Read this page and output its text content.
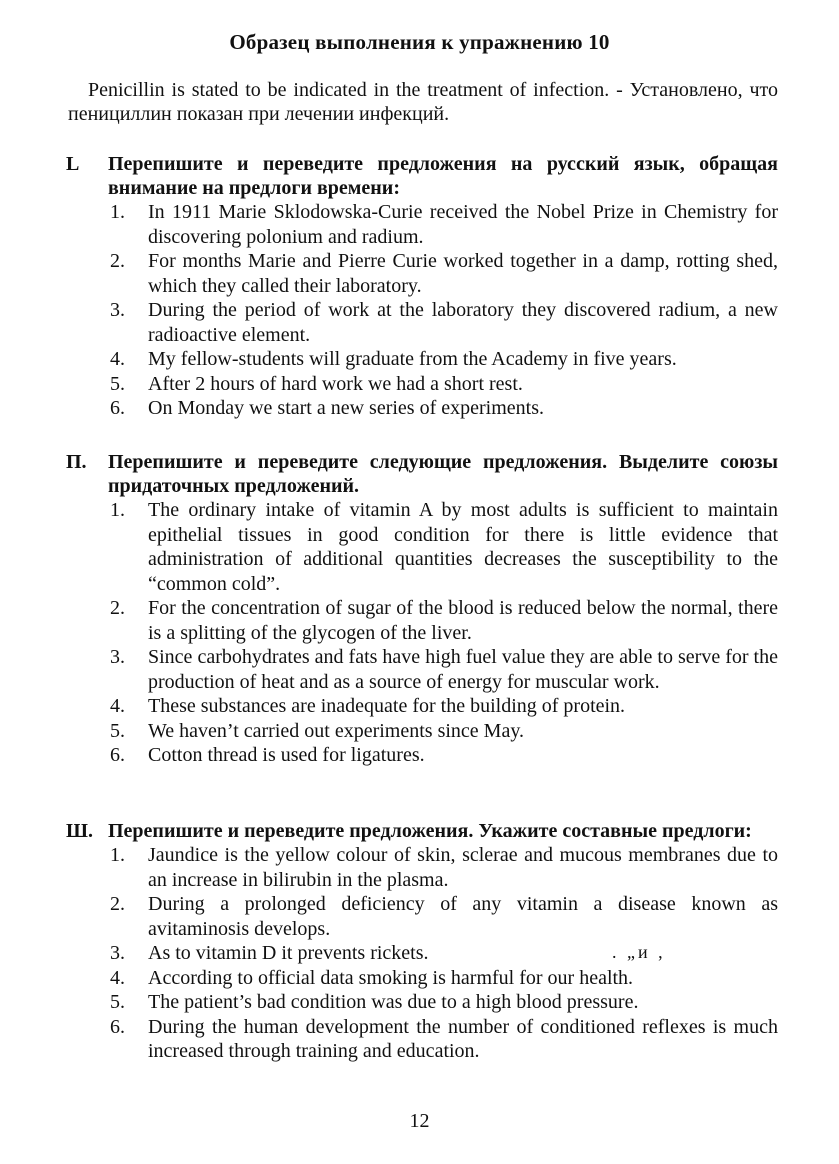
Образец выполнения к упражнению 10
Penicillin is stated to be indicated in the treatment of infection. - Установлено, что пенициллин показан при лечении инфекций.
L Перепишите и переведите предложения на русский язык, обращая внимание на предлоги времени:
1. In 1911 Marie Sklodowska-Curie received the Nobel Prize in Chemistry for discovering polonium and radium.
2. For months Marie and Pierre Curie worked together in a damp, rotting shed, which they called their laboratory.
3. During the period of work at the laboratory they discovered radium, a new radioactive element.
4. My fellow-students will graduate from the Academy in five years.
5. After 2 hours of hard work we had a short rest.
6. On Monday we start a new series of experiments.
П. Перепишите и переведите следующие предложения. Выделите союзы придаточных предложений.
1. The ordinary intake of vitamin A by most adults is sufficient to maintain epithelial tissues in good condition for there is little evidence that administration of additional quantities decreases the susceptibility to the “common cold”.
2. For the concentration of sugar of the blood is reduced below the normal, there is a splitting of the glycogen of the liver.
3. Since carbohydrates and fats have high fuel value they are able to serve for the production of heat and as a source of energy for muscular work.
4. These substances are inadequate for the building of protein.
5. We haven’t carried out experiments since May.
6. Cotton thread is used for ligatures.
Ш. Перепишите и переведите предложения. Укажите составные предлоги:
1. Jaundice is the yellow colour of skin, sclerae and mucous membranes due to an increase in bilirubin in the plasma.
2. During a prolonged deficiency of any vitamin a disease known as avitaminosis develops.
3. As to vitamin D it prevents rickets.
4. According to official data smoking is harmful for our health.
5. The patient’s bad condition was due to a high blood pressure.
6. During the human development the number of conditioned reflexes is much increased through training and education.
. „и ,
12
